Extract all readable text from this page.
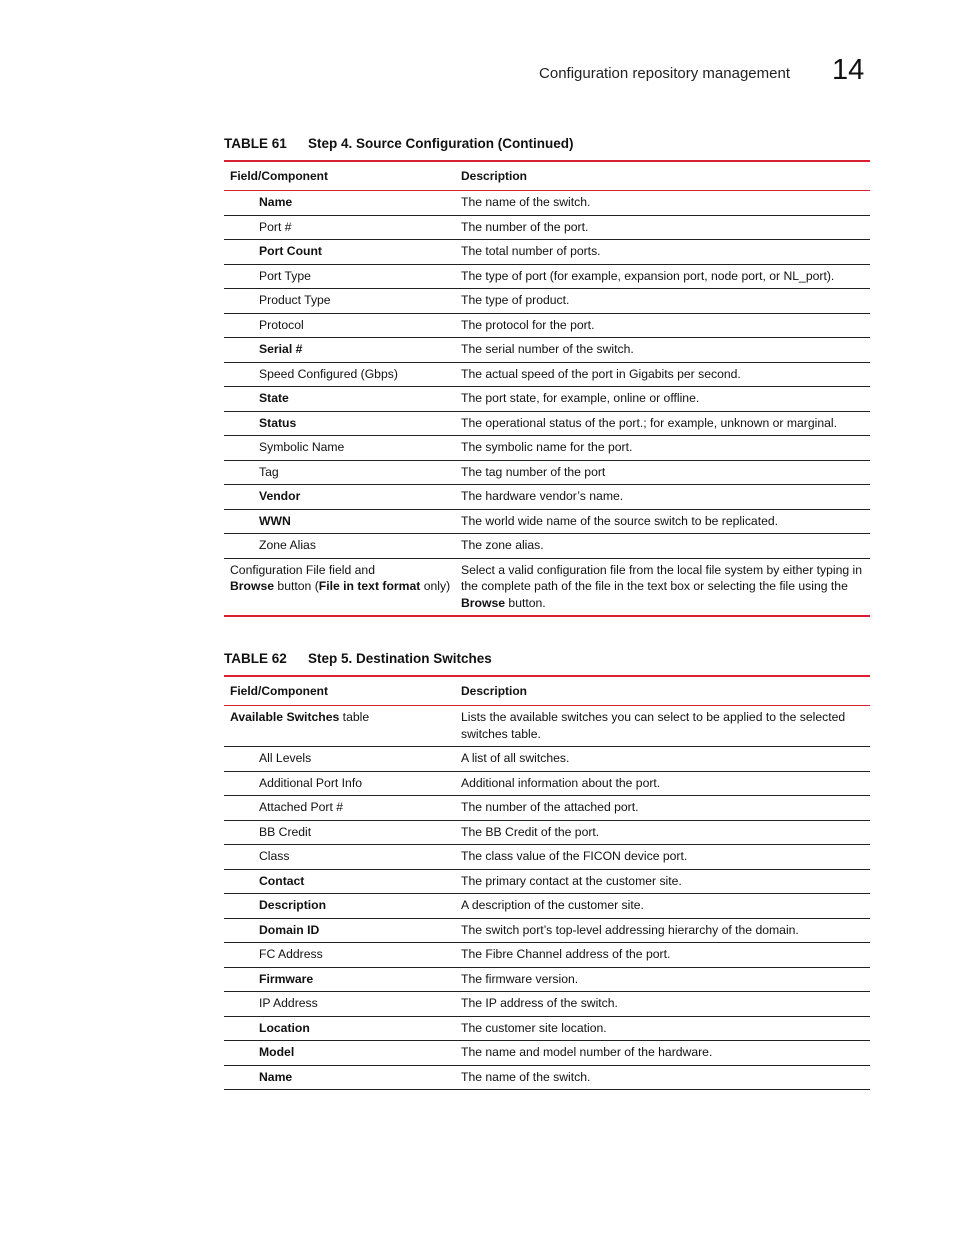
Configuration repository management 14
TABLE 61	Step 4. Source Configuration (Continued)
Field/Component	Description
Name	The name of the switch.
Port #	The number of the port.
Port Count	The total number of ports.
Port Type	The type of port (for example, expansion port, node port, or NL_port).
Product Type	The type of product.
Protocol	The protocol for the port.
Serial #	The serial number of the switch.
Speed Configured (Gbps)	The actual speed of the port in Gigabits per second.
State	The port state, for example, online or offline.
Status	The operational status of the port.; for example, unknown or marginal.
Symbolic Name	The symbolic name for the port.
Tag	The tag number of the port
Vendor	The hardware vendor’s name.
WWN	The world wide name of the source switch to be replicated.
Zone Alias	The zone alias.
Configuration File field and
Browse button (File in text format only)	Select a valid configuration file from the local file system by either typing in the complete path of the file in the text box or selecting the file using the Browse button.
TABLE 62	Step 5. Destination Switches
Field/Component	Description
Available Switches table	Lists the available switches you can select to be applied to the selected switches table.
All Levels	A list of all switches.
Additional Port Info	Additional information about the port.
Attached Port #	The number of the attached port.
BB Credit	The BB Credit of the port.
Class	The class value of the FICON device port.
Contact	The primary contact at the customer site.
Description	A description of the customer site.
Domain ID	The switch port’s top-level addressing hierarchy of the domain.
FC Address	The Fibre Channel address of the port.
Firmware	The firmware version.
IP Address	The IP address of the switch.
Location	The customer site location.
Model	The name and model number of the hardware.
Name	The name of the switch.
